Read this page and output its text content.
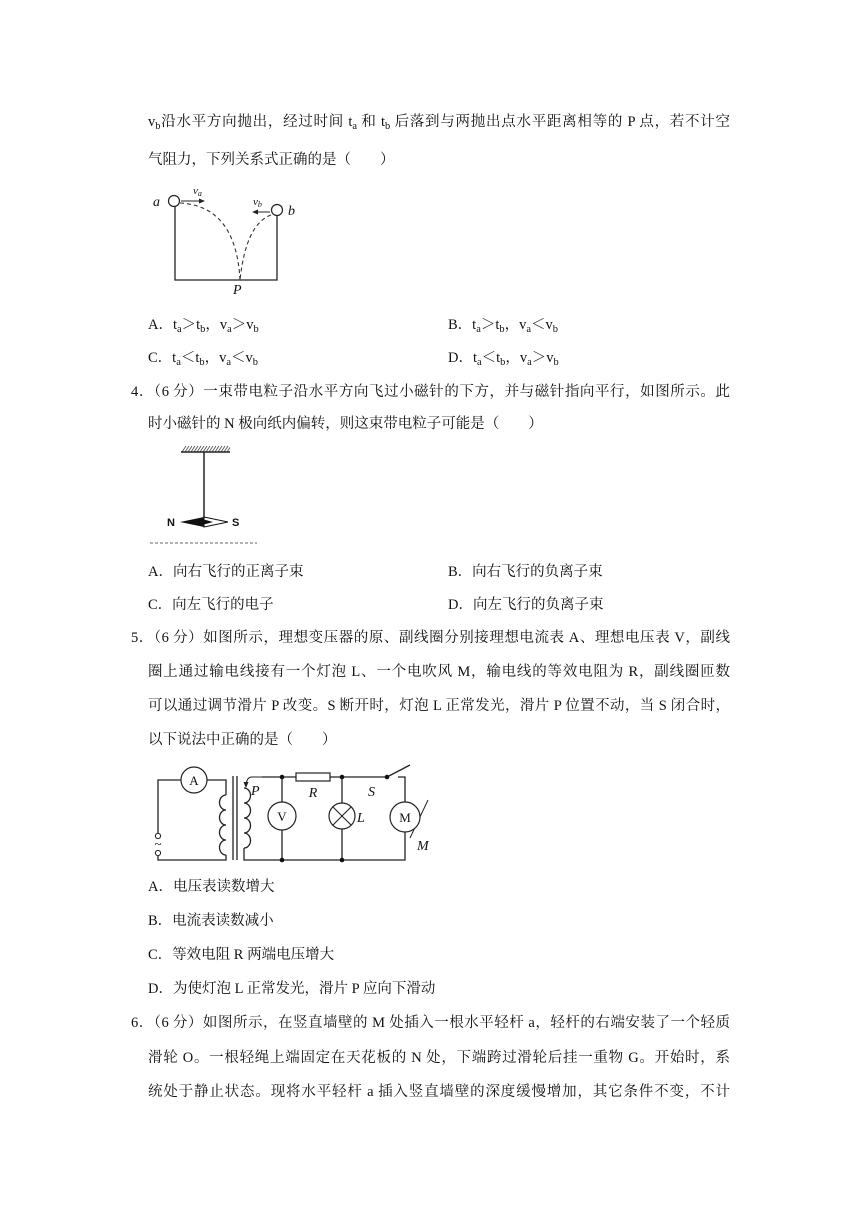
$v_b$沿水平方向抛出，经过时间 $t_a$ 和 $t_b$ 后落到与两抛出点水平距离相等的 P 点，若不计空
气阻力，下列关系式正确的是（　　）
a
va
vb b
P
A．$t_a>t_b$，$v_a>v_b$	B．$t_a>t_b$，$v_a<v_b$
C．$t_a<t_b$，$v_a<v_b$	D．$t_a<t_b$，$v_a>v_b$
4．（6 分）一束带电粒子沿水平方向飞过小磁针的下方，并与磁针指向平行，如图所示。此
时小磁针的 N 极向纸内偏转，则这束带电粒子可能是（　　）
N	S
A．向右飞行的正离子束	B．向右飞行的负离子束
C．向左飞行的电子	D．向左飞行的负离子束
5．（6 分）如图所示，理想变压器的原、副线圈分别接理想电流表 A、理想电压表 V，副线
圈上通过输电线接有一个灯泡 L、一个电吹风 M，输电线的等效电阻为 R，副线圈匝数
可以通过调节滑片 P 改变。S 断开时，灯泡 L 正常发光，滑片 P 位置不动，当 S 闭合时，
以下说法中正确的是（　　）
~
A
V	M
P	R
L
S
M
A．电压表读数增大
B．电流表读数减小
C．等效电阻 R 两端电压增大
D．为使灯泡 L 正常发光，滑片 P 应向下滑动
6．（6 分）如图所示，在竖直墙壁的 M 处插入一根水平轻杆 a，轻杆的右端安装了一个轻质
滑轮 O。一根轻绳上端固定在天花板的 N 处，下端跨过滑轮后挂一重物 G。开始时，系
统处于静止状态。现将水平轻杆 a 插入竖直墙壁的深度缓慢增加，其它条件不变，不计
